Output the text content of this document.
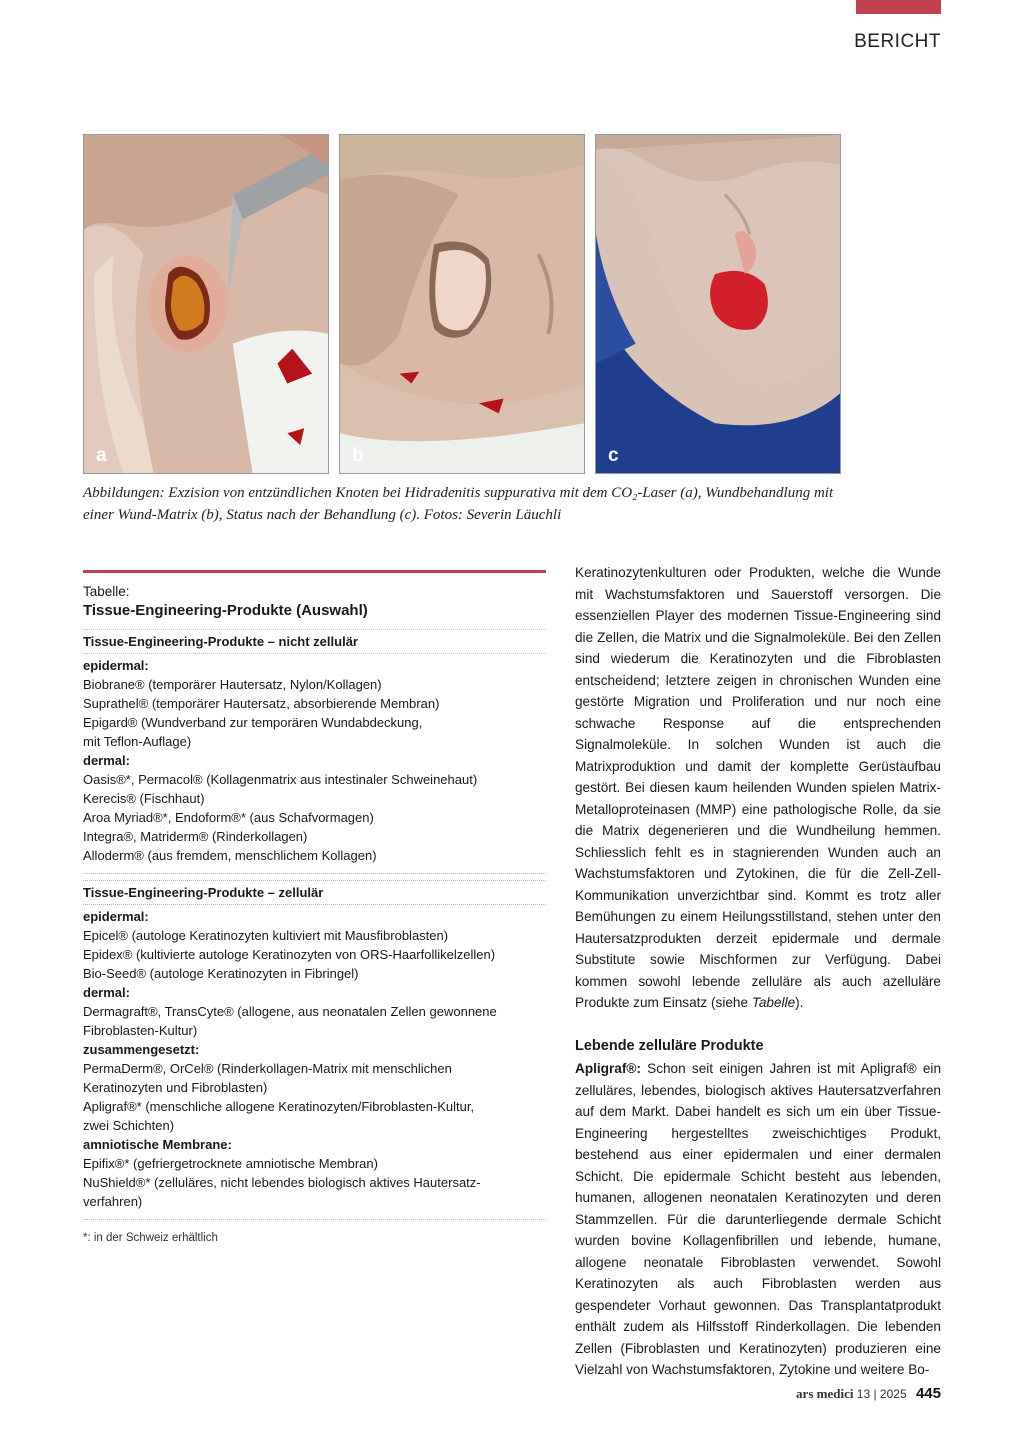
BERICHT
a	b	c
Abbildungen: Exzision von entzündlichen Knoten bei Hidradenitis suppurativa mit dem CO₂-Laser (a), Wundbehandlung mit einer Wund-Matrix (b), Status nach der Behandlung (c). Fotos: Severin Läuchli
Tabelle:
Tissue-Engineering-Produkte (Auswahl)
Tissue-Engineering-Produkte – nicht zellulär
epidermal:
Biobrane® (temporärer Hautersatz, Nylon/Kollagen)
Suprathel® (temporärer Hautersatz, absorbierende Membran)
Epigard® (Wundverband zur temporären Wundabdeckung,
mit Teflon-Auflage)
dermal:
Oasis®*, Permacol® (Kollagenmatrix aus intestinaler Schweinehaut)
Kerecis® (Fischhaut)
Aroa Myriad®*, Endoform®* (aus Schafvormagen)
Integra®, Matriderm® (Rinderkollagen)
Alloderm® (aus fremdem, menschlichem Kollagen)
Tissue-Engineering-Produkte – zellulär
epidermal:
Epicel® (autologe Keratinozyten kultiviert mit Mausfibroblasten)
Epidex® (kultivierte autologe Keratinozyten von ORS-Haarfollikelzellen)
Bio-Seed® (autologe Keratinozyten in Fibringel)
dermal:
Dermagraft®, TransCyte® (allogene, aus neonatalen Zellen gewonnene
Fibroblasten-Kultur)
zusammengesetzt:
PermaDerm®, OrCel® (Rinderkollagen-Matrix mit menschlichen
Keratinozyten und Fibroblasten)
Apligraf®* (menschliche allogene Keratinozyten/Fibroblasten-Kultur,
zwei Schichten)
amniotische Membrane:
Epifix®* (gefriergetrocknete amniotische Membran)
NuShield®* (zelluläres, nicht lebendes biologisch aktives Hautersatz-
verfahren)
*: in der Schweiz erhältlich

Keratinozytenkulturen oder Produkten, welche die Wunde mit Wachstumsfaktoren und Sauerstoff versorgen. Die essenziellen Player des modernen Tissue-Engineering sind die Zellen, die Matrix und die Signalmoleküle. Bei den Zellen sind wiederum die Keratinozyten und die Fibroblasten entscheidend; letztere zeigen in chronischen Wunden eine gestörte Migration und Proliferation und nur noch eine schwache Response auf die entsprechenden Signalmoleküle. In solchen Wunden ist auch die Matrixproduktion und damit der komplette Gerüstaufbau gestört. Bei diesen kaum heilenden Wunden spielen Matrix-Metalloproteinasen (MMP) eine pathologische Rolle, da sie die Matrix degenerieren und die Wundheilung hemmen. Schliesslich fehlt es in stagnierenden Wunden auch an Wachstumsfaktoren und Zytokinen, die für die Zell-Zell-Kommunikation unverzichtbar sind. Kommt es trotz aller Bemühungen zu einem Heilungsstillstand, stehen unter den Hautersatzprodukten derzeit epidermale und dermale Substitute sowie Mischformen zur Verfügung. Dabei kommen sowohl lebende zelluläre als auch azelluläre Produkte zum Einsatz (siehe Tabelle).

Lebende zelluläre Produkte

Apligraf®: Schon seit einigen Jahren ist mit Apligraf® ein zelluläres, lebendes, biologisch aktives Hautersatzverfahren auf dem Markt. Dabei handelt es sich um ein über Tissue-Engineering hergestelltes zweischichtiges Produkt, bestehend aus einer epidermalen und einer dermalen Schicht. Die epidermale Schicht besteht aus lebenden, humanen, allogenen neonatalen Keratinozyten und deren Stammzellen. Für die darunterliegende dermale Schicht wurden bovine Kollagenfibrillen und lebende, humane, allogene neonatale Fibroblasten verwendet. Sowohl Keratinozyten als auch Fibroblasten werden aus gespendeter Vorhaut gewonnen. Das Transplantatprodukt enthält zudem als Hilfsstoff Rinderkollagen. Die lebenden Zellen (Fibroblasten und Keratinozyten) produzieren eine Vielzahl von Wachstumsfaktoren, Zytokine und weitere Bo-

ars medici 13 | 2025 445
